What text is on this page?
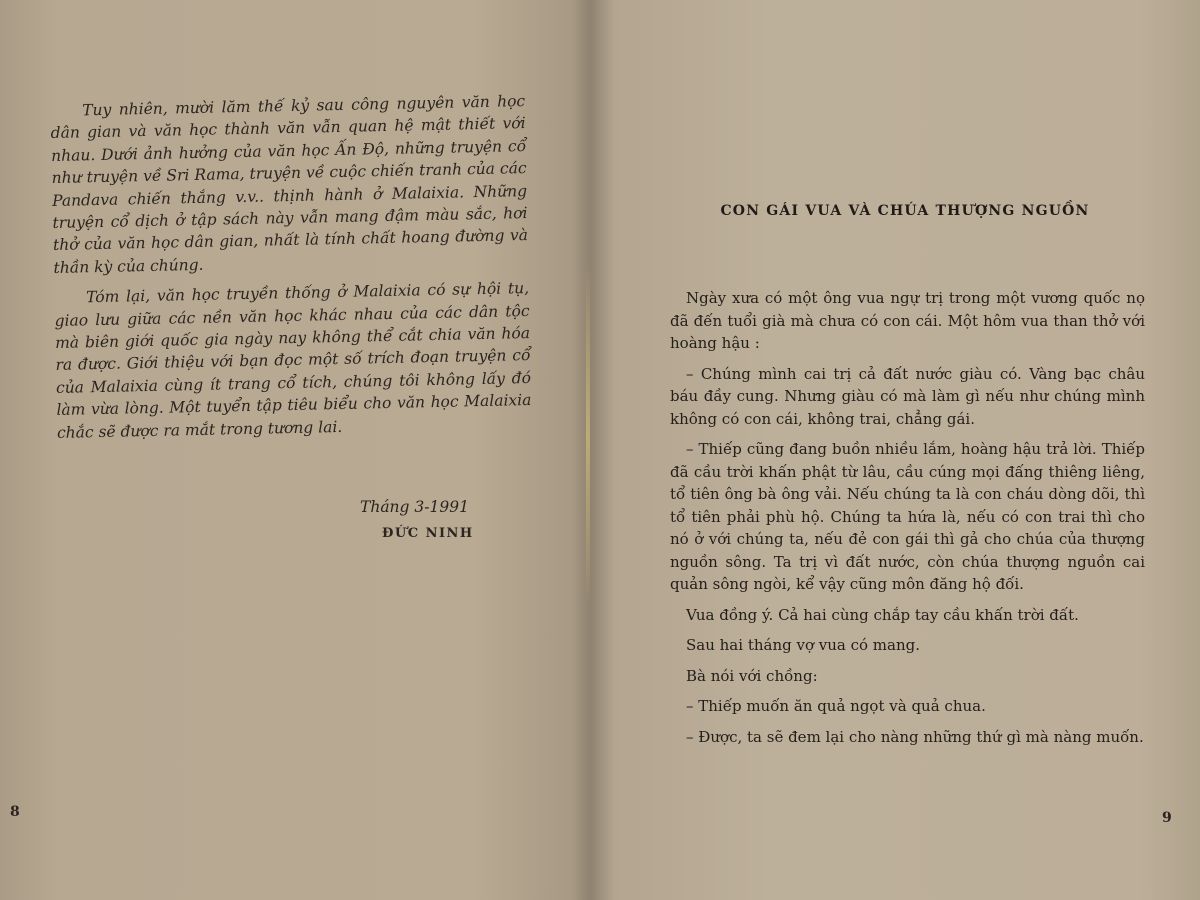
Tuy nhiên, mười lăm thế kỷ sau công nguyên văn học dân gian và văn học thành văn vẫn quan hệ mật thiết với nhau. Dưới ảnh hưởng của văn học Ấn Độ, những truyện cổ như truyện về Sri Rama, truyện về cuộc chiến tranh của các Pandava chiến thắng v.v.. thịnh hành ở Malaixia. Những truyện cổ dịch ở tập sách này vẫn mang đậm màu sắc, hơi thở của văn học dân gian, nhất là tính chất hoang đường và thần kỳ của chúng.

Tóm lại, văn học truyền thống ở Malaixia có sự hội tụ, giao lưu giữa các nền văn học khác nhau của các dân tộc mà biên giới quốc gia ngày nay không thể cắt chia văn hóa ra được. Giới thiệu với bạn đọc một số trích đoạn truyện cổ của Malaixia cùng ít trang cổ tích, chúng tôi không lấy đó làm vừa lòng. Một tuyển tập tiêu biểu cho văn học Malaixia chắc sẽ được ra mắt trong tương lai.

Tháng 3-1991
ĐỨC NINH
8
CON GÁI VUA VÀ CHÚA THƯỢNG NGUỒN

Ngày xưa có một ông vua ngự trị trong một vương quốc nọ đã đến tuổi già mà chưa có con cái. Một hôm vua than thở với hoàng hậu :

– Chúng mình cai trị cả đất nước giàu có. Vàng bạc châu báu đầy cung. Nhưng giàu có mà làm gì nếu như chúng mình không có con cái, không trai, chẳng gái.

– Thiếp cũng đang buồn nhiều lắm, hoàng hậu trả lời. Thiếp đã cầu trời khấn phật từ lâu, cầu cúng mọi đấng thiêng liêng, tổ tiên ông bà ông vải. Nếu chúng ta là con cháu dòng dõi, thì tổ tiên phải phù hộ. Chúng ta hứa là, nếu có con trai thì cho nó ở với chúng ta, nếu đẻ con gái thì gả cho chúa của thượng nguồn sông. Ta trị vì đất nước, còn chúa thượng nguồn cai quản sông ngòi, kể vậy cũng môn đăng hộ đối.

Vua đồng ý. Cả hai cùng chắp tay cầu khấn trời đất.

Sau hai tháng vợ vua có mang.

Bà nói với chồng:

– Thiếp muốn ăn quả ngọt và quả chua.

– Được, ta sẽ đem lại cho nàng những thứ gì mà nàng muốn.

9
